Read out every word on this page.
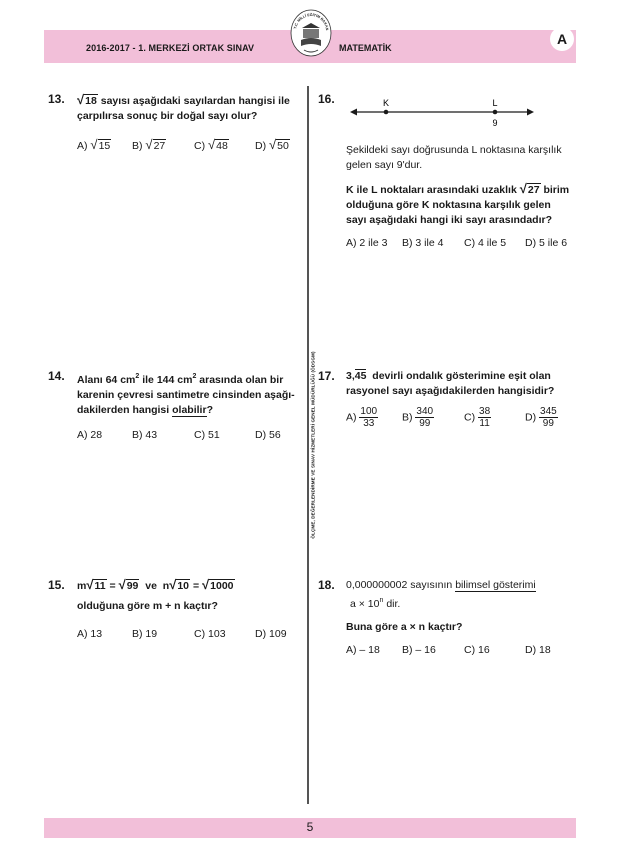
2016-2017 - 1. MERKEZİ ORTAK SINAV	MATEMATİK
T.C. MİLLÎ EĞİTİM BAKAN
A
ÖLÇME, DEĞERLENDİRME VE SINAV HİZMETLERİ GENEL MÜDÜRLÜĞÜ (ÖDSGM)
13. √18 sayısı aşağıdaki sayılardan hangisi ile
çarpılırsa sonuç bir doğal sayı olur?
A) √15 B) √27	C) √48	D) √50
14. Alanı 64 $cm^2$ ile 144 $cm^2$ arasında olan bir
karenin çevresi santimetre cinsinden aşağı-
dakilerden hangisi olabilir?
A) 28	B) 43	C) 51	D) 56
15. m√11 = √99 ve n√10 = √1000
olduğuna göre m + n kaçtır?
A) 13	B) 19	C) 103	D) 109
16.	K	L
9
Şekildeki sayı doğrusunda L noktasına karşılık
gelen sayı 9'dur.
K ile L noktaları arasındaki uzaklık √27 birim
olduğuna göre K noktasına karşılık gelen
sayı aşağıdaki hangi iki sayı arasındadır?
A) 2 ile 3 B) 3 ile 4 C) 4 ile 5 D) 5 ile 6
17. 3,45 devirli ondalık gösterimine eşit olan
rasyonel sayı aşağıdakilerden hangisidir?
$A) \frac{100}{33} B) \frac{340}{99}$	$C) \frac{38}{11}$	$D) \frac{345}{99}$
18. 0,000000002 sayısının bilimsel gösterimi
$a \times 10^n$ dir.
Buna göre a × n kaçtır?
A) – 18 B) – 16	C) 16	D) 18
5
